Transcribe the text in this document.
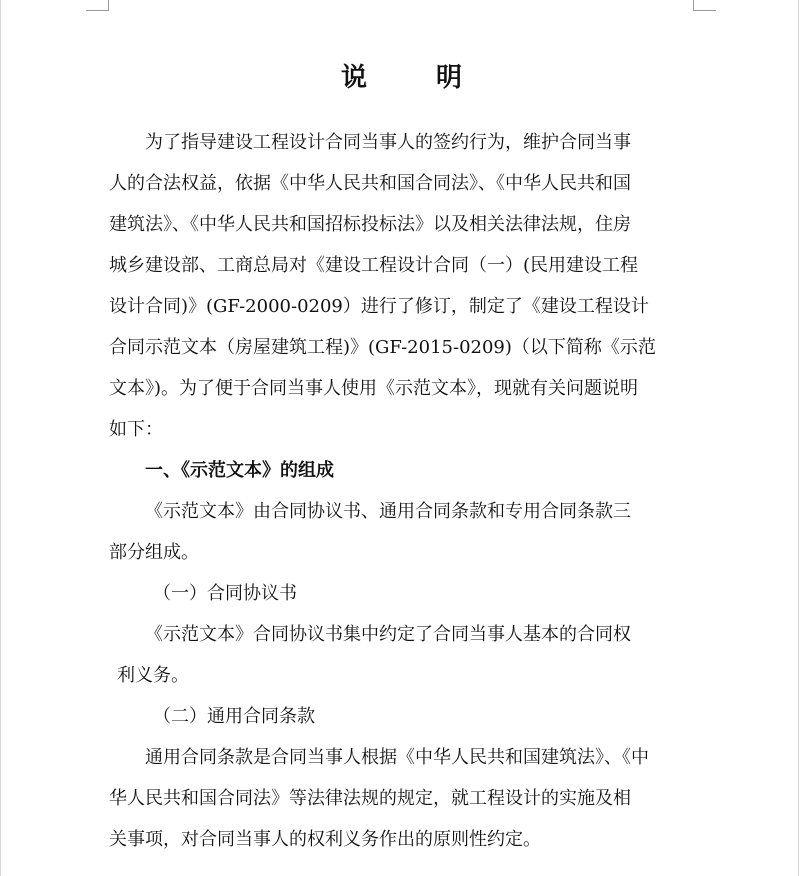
说 明

为了指导建设工程设计合同当事人的签约行为，维护合同当事

人的合法权益，依据《中华人民共和国合同法》、《中华人民共和国

建筑法》、《中华人民共和国招标投标法》以及相关法律法规，住房

城乡建设部、工商总局对《建设工程设计合同（一）(民用建设工程

设计合同)》(GF-2000-0209）进行了修订，制定了《建设工程设计

合同示范文本（房屋建筑工程)》(GF-2015-0209)（以下简称《示范

文本》)。为了便于合同当事人使用《示范文本》，现就有关问题说明

如下：

一、《示范文本》的组成

《示范文本》由合同协议书、通用合同条款和专用合同条款三

部分组成。

（一）合同协议书

《示范文本》合同协议书集中约定了合同当事人基本的合同权

利义务。

（二）通用合同条款

通用合同条款是合同当事人根据《中华人民共和国建筑法》、《中

华人民共和国合同法》等法律法规的规定，就工程设计的实施及相

关事项，对合同当事人的权利义务作出的原则性约定。
